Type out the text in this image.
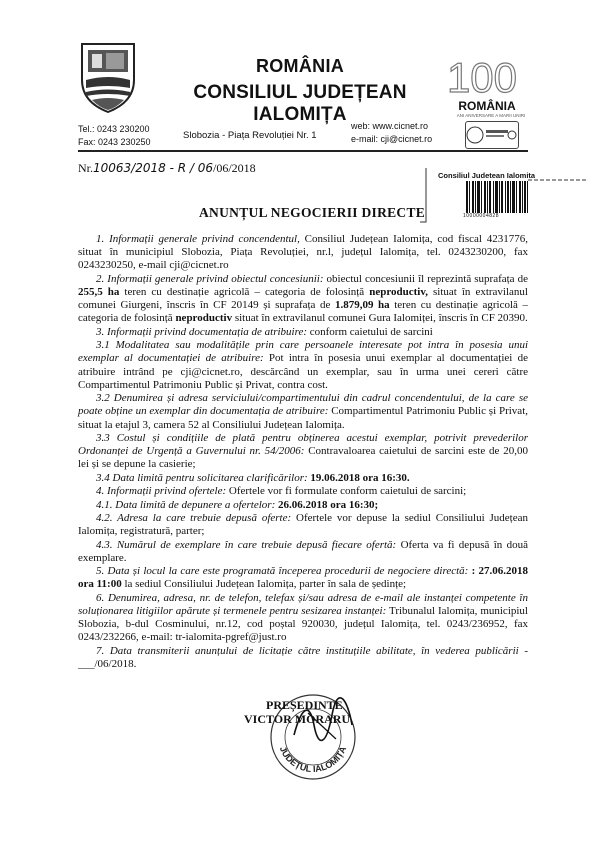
ROMÂNIA
CONSILIUL JUDEȚEAN IALOMIȚA
100
ROMÂNIA
ANI ANIVERSARE A MARII UNIRI
Tel.: 0243 230200
Fax: 0243 230250
Slobozia - Piața Revoluției Nr. 1
web: www.cicnet.ro
e-mail: cji@cicnet.ro
Nr.10063/2018 - R / 06/06/2018
Consiliul Judetean Ialomita
10000004828
ANUNȚUL NEGOCIERII DIRECTE

1. Informații generale privind concendentul, Consiliul Județean Ialomița, cod fiscal 4231776, situat în municipiul Slobozia, Piața Revoluției, nr.l, județul Ialomița, tel. 0243230200, fax 0243230250, e-mail cji@cicnet.ro

2. Informații generale privind obiectul concesiunii: obiectul concesiunii îl reprezintă suprafața de 255,5 ha teren cu destinație agricolă – categoria de folosință neproductiv, situat în extravilanul comunei Giurgeni, înscris în CF 20149 și suprafața de 1.879,09 ha teren cu destinație agricolă – categoria de folosință neproductiv situat în extravilanul comunei Gura Ialomiței, înscris în CF 20390.

3. Informații privind documentația de atribuire: conform caietului de sarcini

3.1 Modalitatea sau modalitățile prin care persoanele interesate pot intra în posesia unui exemplar al documentației de atribuire: Pot intra în posesia unui exemplar al documentației de atribuire intrând pe cji@cicnet.ro, descărcând un exemplar, sau în urma unei cereri către Compartimentul Patrimoniu Public și Privat, contra cost.

3.2 Denumirea și adresa serviciului/compartimentului din cadrul concendentului, de la care se poate obține un exemplar din documentația de atribuire: Compartimentul Patrimoniu Public și Privat, situat la etajul 3, camera 52 al Consiliului Județean Ialomița.

3.3 Costul și condițiile de plată pentru obținerea acestui exemplar, potrivit prevederilor Ordonanței de Urgență a Guvernului nr. 54/2006: Contravaloarea caietului de sarcini este de 20,00 lei și se depune la casierie;

3.4 Data limită pentru solicitarea clarificărilor: 19.06.2018 ora 16:30.

4. Informații privind ofertele: Ofertele vor fi formulate conform caietului de sarcini;

4.1. Data limită de depunere a ofertelor: 26.06.2018 ora 16:30;

4.2. Adresa la care trebuie depusă oferte: Ofertele vor depuse la sediul Consiliului Județean Ialomița, registratură, parter;

4.3. Numărul de exemplare în care trebuie depusă fiecare ofertă: Oferta va fi depusă în două exemplare.

5. Data și locul la care este programată începerea procedurii de negociere directă: : 27.06.2018 ora 11:00 la sediul Consiliului Județean Ialomița, parter în sala de ședințe;

6. Denumirea, adresa, nr. de telefon, telefax și/sau adresa de e-mail ale instanței competente în soluționarea litigiilor apărute și termenele pentru sesizarea instanței: Tribunalul Ialomița, municipiul Slobozia, b-dul Cosminului, nr.12, cod poștal 920030, județul Ialomița, tel. 0243/236952, fax 0243/232266, e-mail: tr-ialomita-pgref@just.ro

7. Data transmiterii anunțului de licitație către instituțiile abilitate, în vederea publicării - ___/06/2018.

JUDEȚUL IALOMIȚA
PREȘEDINTE
VICTOR MORARU
